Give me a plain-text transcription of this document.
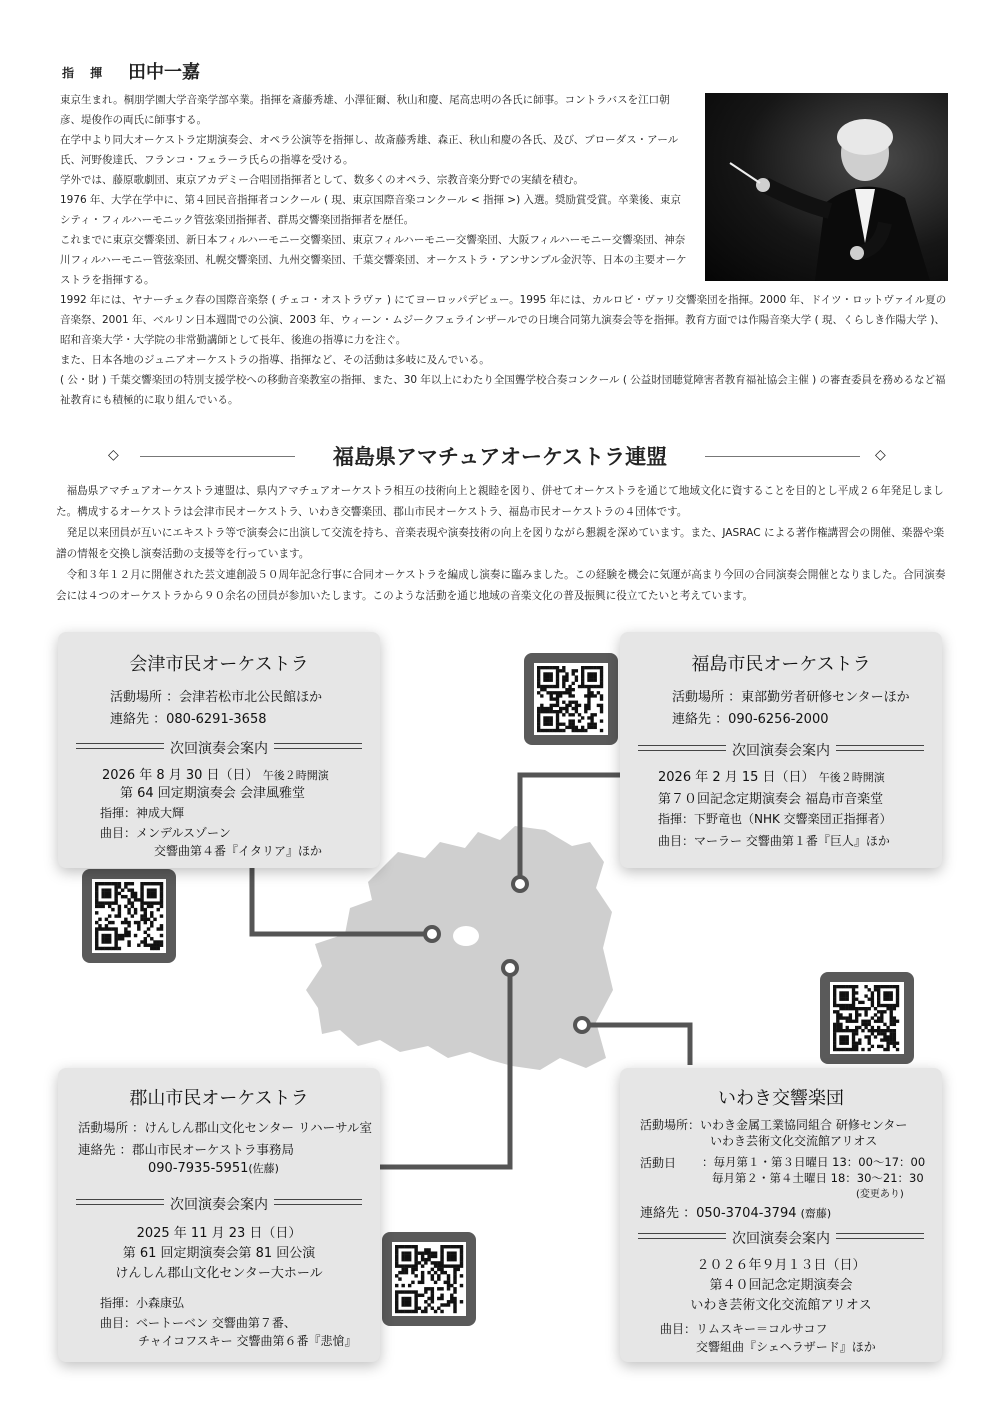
指 揮 田中一嘉

東京生まれ。桐朋学園大学音楽学部卒業。指揮を斎藤秀雄、小澤征爾、秋山和慶、尾高忠明の各氏に師事。コントラバスを江口朝彦、堤俊作の両氏に師事する。

在学中より同大オーケストラ定期演奏会、オペラ公演等を指揮し、故斎藤秀雄、森正、秋山和慶の各氏、及び、ブローダス・アール氏、河野俊達氏、フランコ・フェラーラ氏らの指導を受ける。

学外では、藤原歌劇団、東京アカデミー合唱団指揮者として、数多くのオペラ、宗教音楽分野での実績を積む。

1976 年、大学在学中に、第４回民音指揮者コンクール ( 現、東京国際音楽コンクール < 指揮 >) 入選。奨励賞受賞。卒業後、東京シティ・フィルハーモニック管弦楽団指揮者、群馬交響楽団指揮者を歴任。

これまでに東京交響楽団、新日本フィルハーモニー交響楽団、東京フィルハーモニー交響楽団、大阪フィルハーモニー交響楽団、神奈川フィルハーモニー管弦楽団、札幌交響楽団、九州交響楽団、千葉交響楽団、オーケストラ・アンサンブル金沢等、日本の主要オーケストラを指揮する。

1992 年には、ヤナーチェク春の国際音楽祭 ( チェコ・オストラヴァ ) にてヨーロッパデビュー。1995 年には、カルロビ・ヴァリ交響楽団を指揮。2000 年、ドイツ・ロットヴァイル夏の音楽祭、2001 年、ベルリン日本週間での公演、2003 年、ウィーン・ムジークフェラインザールでの日墺合同第九演奏会等を指揮。教育方面では作陽音楽大学 ( 現、くらしき作陽大学 )、昭和音楽大学・大学院の非常勤講師として長年、後進の指導に力を注ぐ。

また、日本各地のジュニアオーケストラの指導、指揮など、その活動は多岐に及んでいる。

( 公・財 ) 千葉交響楽団の特別支援学校への移動音楽教室の指揮、また、30 年以上にわたり全国聾学校合奏コンクール ( 公益財団聴覚障害者教育福祉協会主催 ) の審査委員を務めるなど福祉教育にも積極的に取り組んでいる。

◇	福島県アマチュアオーケストラ連盟	◇

福島県アマチュアオーケストラ連盟は、県内アマチュアオーケストラ相互の技術向上と親睦を図り、併せてオーケストラを通じて地域文化に資することを目的とし平成２６年発足しました。構成するオーケストラは会津市民オーケストラ、いわき交響楽団、郡山市民オーケストラ、福島市民オーケストラの４団体です。

発足以来団員が互いにエキストラ等で演奏会に出演して交流を持ち、音楽表現や演奏技術の向上を図りながら懇親を深めています。また、JASRAC による著作権講習会の開催、楽器や楽譜の情報を交換し演奏活動の支援等を行っています。

令和３年１２月に開催された芸文連創設５０周年記念行事に合同オーケストラを編成し演奏に臨みました。この経験を機会に気運が高まり今回の合同演奏会開催となりました。合同演奏会には４つのオーケストラから９０余名の団員が参加いたします。このような活動を通じ地域の音楽文化の普及振興に役立てたいと考えています。

会津市民オーケストラ
活動場所 ：会津若松市北公民館ほか
連絡先 ：080-6291-3658
次回演奏会案内
2026 年 8 月 30 日（日） 午後２時開演
第 64 回定期演奏会 会津風雅堂
指揮：神成大輝
曲目：メンデルスゾーン
交響曲第４番『イタリア』ほか
福島市民オーケストラ
活動場所 ：東部勤労者研修センターほか
連絡先 ：090-6256-2000
次回演奏会案内
2026 年 2 月 15 日（日） 午後２時開演
第７０回記念定期演奏会 福島市音楽堂
指揮：下野竜也（NHK 交響楽団正指揮者）
曲目：マーラー 交響曲第１番『巨人』ほか
郡山市民オーケストラ
活動場所 ：けんしん郡山文化センター リハーサル室
連絡先 ：郡山市民オーケストラ事務局
090-7935-5951(佐藤)
次回演奏会案内
2025 年 11 月 23 日（日）
第 61 回定期演奏会第 81 回公演
けんしん郡山文化センター大ホール
指揮：小森康弘
曲目：ベートーベン 交響曲第７番、
チャイコフスキー 交響曲第６番『悲愴』
いわき交響楽団
活動場所：いわき金属工業協同組合 研修センター
いわき芸術文化交流館アリオス
活動日 ：毎月第１・第３日曜日 13：00～17：00
毎月第２・第４土曜日 18：30～21：30
(変更あり)
連絡先 ：050-3704-3794 (齋藤)
次回演奏会案内
２０２６年９月１３日（日）
第４０回記念定期演奏会
いわき芸術文化交流館アリオス
曲目：リムスキー＝コルサコフ
交響組曲『シェヘラザード』ほか
